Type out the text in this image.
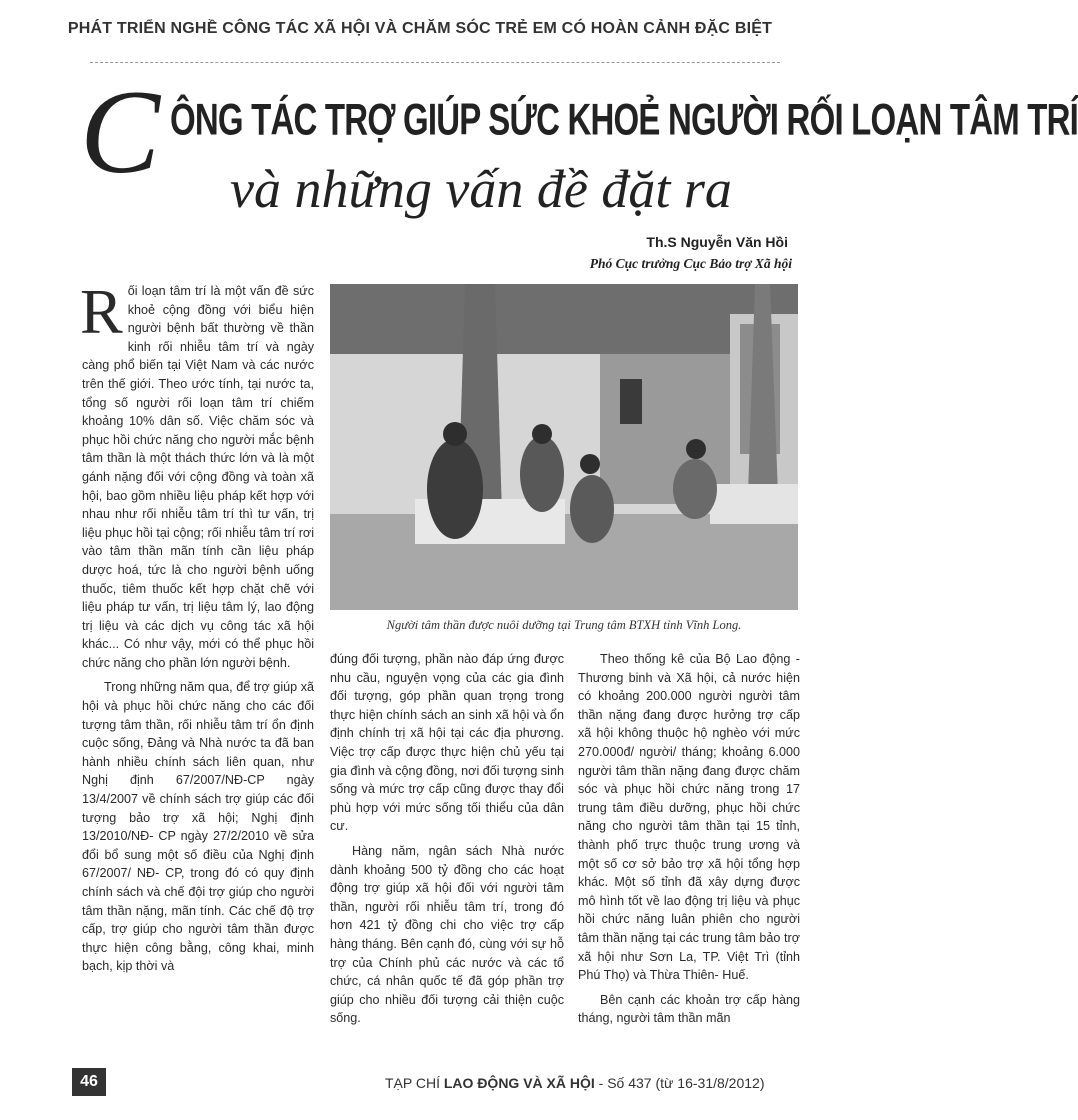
PHÁT TRIỂN NGHỀ CÔNG TÁC XÃ HỘI VÀ CHĂM SÓC TRẺ EM CÓ HOÀN CẢNH ĐẶC BIỆT
C ÔNG TÁC TRỢ GIÚP SỨC KHOẺ NGƯỜI RỐI LOẠN TÂM TRÍ
và những vấn đề đặt ra
Th.S Nguyễn Văn Hồi
Phó Cục trưởng Cục Bảo trợ Xã hội

Rối loạn tâm trí là một vấn đề sức khoẻ cộng đồng với biểu hiện người bệnh bất thường về thần kinh rối nhiễu tâm trí và ngày càng phổ biến tại Việt Nam và các nước trên thế giới. Theo ước tính, tại nước ta, tổng số người rối loạn tâm trí chiếm khoảng 10% dân số. Việc chăm sóc và phục hồi chức năng cho người mắc bệnh tâm thần là một thách thức lớn và là một gánh nặng đối với cộng đồng và toàn xã hội, bao gồm nhiều liệu pháp kết hợp với nhau như rối nhiễu tâm trí thì tư vấn, trị liệu phục hồi tại cộng; rối nhiễu tâm trí rơi vào tâm thần mãn tính cần liệu pháp dược hoá, tức là cho người bệnh uống thuốc, tiêm thuốc kết hợp chặt chẽ với liệu pháp tư vấn, trị liệu tâm lý, lao động trị liệu và các dịch vụ công tác xã hội khác... Có như vậy, mới có thể phục hồi chức năng cho phần lớn người bệnh.

Trong những năm qua, để trợ giúp xã hội và phục hồi chức năng cho các đối tượng tâm thần, rối nhiễu tâm trí ổn định cuộc sống, Đảng và Nhà nước ta đã ban hành nhiều chính sách liên quan, như Nghị định 67/2007/NĐ-CP ngày 13/4/2007 về chính sách trợ giúp các đối tượng bảo trợ xã hội; Nghị định 13/2010/NĐ- CP ngày 27/2/2010 về sửa đổi bổ sung một số điều của Nghị định 67/2007/ NĐ- CP, trong đó có quy định chính sách và chế đội trợ giúp cho người tâm thần nặng, mãn tính. Các chế độ trợ cấp, trợ giúp cho người tâm thần được thực hiện công bằng, công khai, minh bạch, kịp thời và

Người tâm thần được nuôi dưỡng tại Trung tâm BTXH tỉnh Vĩnh Long.

đúng đối tượng, phần nào đáp ứng được nhu cầu, nguyện vọng của các gia đình đối tượng, góp phần quan trọng trong thực hiện chính sách an sinh xã hội và ổn định chính trị xã hội tại các địa phương. Việc trợ cấp được thực hiện chủ yếu tại gia đình và cộng đồng, nơi đối tượng sinh sống và mức trợ cấp cũng được thay đổi phù hợp với mức sống tối thiểu của dân cư.

Hàng năm, ngân sách Nhà nước dành khoảng 500 tỷ đồng cho các hoạt động trợ giúp xã hội đối với người tâm thần, người rối nhiễu tâm trí, trong đó hơn 421 tỷ đồng chi cho việc trợ cấp hàng tháng. Bên cạnh đó, cùng với sự hỗ trợ của Chính phủ các nước và các tổ chức, cá nhân quốc tế đã góp phần trợ giúp cho nhiều đối tượng cải thiện cuộc sống.

Theo thống kê của Bộ Lao động - Thương binh và Xã hội, cả nước hiện có khoảng 200.000 người người tâm thần nặng đang được hưởng trợ cấp xã hội không thuộc hộ nghèo với mức 270.000đ/ người/ tháng; khoảng 6.000 người tâm thần nặng đang được chăm sóc và phục hồi chức năng trong 17 trung tâm điều dưỡng, phục hồi chức năng cho người tâm thần tại 15 tỉnh, thành phố trực thuộc trung ương và một số cơ sở bảo trợ xã hội tổng hợp khác. Một số tỉnh đã xây dựng được mô hình tốt về lao động trị liệu và phục hồi chức năng luân phiên cho người tâm thần nặng tại các trung tâm bảo trợ xã hội như Sơn La, TP. Việt Trì (tỉnh Phú Thọ) và Thừa Thiên- Huế.

Bên cạnh các khoản trợ cấp hàng tháng, người tâm thần mãn

46	TẠP CHÍ LAO ĐỘNG VÀ XÃ HỘI - Số 437 (từ 16-31/8/2012)
